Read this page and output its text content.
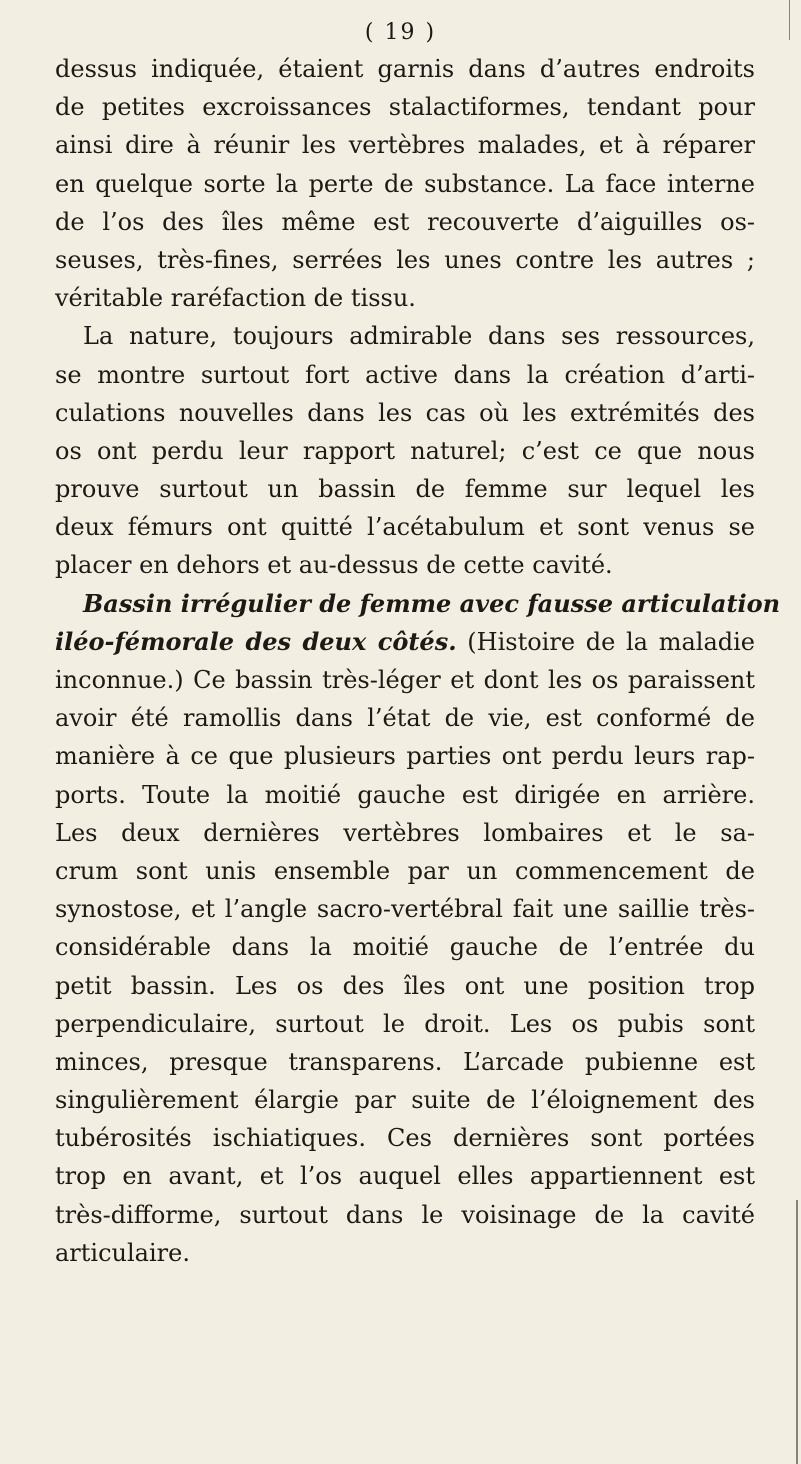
( 19 )
dessus indiquée, étaient garnis dans d’autres endroits
de petites excroissances stalactiformes, tendant pour
ainsi dire à réunir les vertèbres malades, et à réparer
en quelque sorte la perte de substance. La face interne
de l’os des îles même est recouverte d’aiguilles os-
seuses, très-fines, serrées les unes contre les autres ;
véritable raréfaction de tissu.
La nature, toujours admirable dans ses ressources,
se montre surtout fort active dans la création d’arti-
culations nouvelles dans les cas où les extrémités des
os ont perdu leur rapport naturel; c’est ce que nous
prouve surtout un bassin de femme sur lequel les
deux fémurs ont quitté l’acétabulum et sont venus se
placer en dehors et au-dessus de cette cavité.
Bassin irrégulier de femme avec fausse articulation
iléo-fémorale des deux côtés. (Histoire de la maladie
inconnue.) Ce bassin très-léger et dont les os paraissent
avoir été ramollis dans l’état de vie, est conformé de
manière à ce que plusieurs parties ont perdu leurs rap-
ports. Toute la moitié gauche est dirigée en arrière.
Les deux dernières vertèbres lombaires et le sa-
crum sont unis ensemble par un commencement de
synostose, et l’angle sacro-vertébral fait une saillie très-
considérable dans la moitié gauche de l’entrée du
petit bassin. Les os des îles ont une position trop
perpendiculaire, surtout le droit. Les os pubis sont
minces, presque transparens. L’arcade pubienne est
singulièrement élargie par suite de l’éloignement des
tubérosités ischiatiques. Ces dernières sont portées
trop en avant, et l’os auquel elles appartiennent est
très-difforme, surtout dans le voisinage de la cavité
articulaire.
